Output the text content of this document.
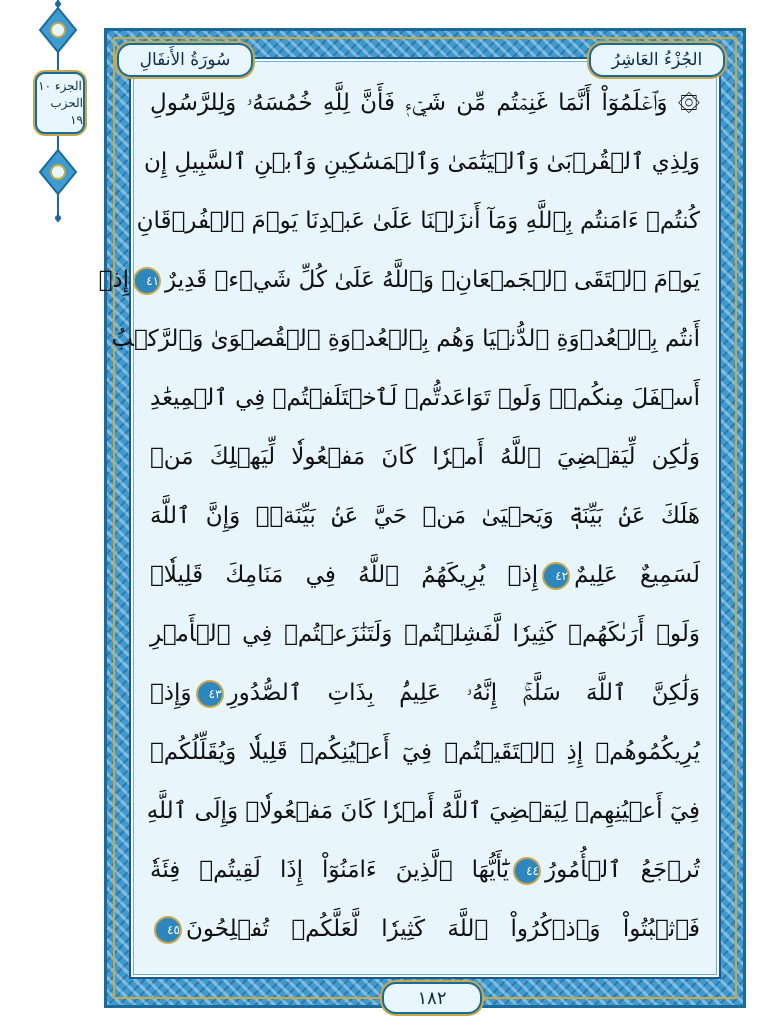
الجزء ١٠
الحزب ١٩
الجُزْءُ العَاشِرُ
سُورَةُ الأَنفَالِ
۞ وَٱعۡلَمُوٓاْ أَنَّمَا غَنِمۡتُم مِّن شَيۡءٖ فَأَنَّ لِلَّهِ خُمُسَهُۥ وَلِلرَّسُولِ
وَلِذِي ٱلۡقُرۡبَىٰ وَٱلۡيَتَٰمَىٰ وَٱلۡمَسَٰكِينِ وَٱبۡنِ ٱلسَّبِيلِ إِن
كُنتُمۡ ءَامَنتُم بِٱللَّهِ وَمَآ أَنزَلۡنَا عَلَىٰ عَبۡدِنَا يَوۡمَ ٱلۡفُرۡقَانِ
يَوۡمَ ٱلۡتَقَى ٱلۡجَمۡعَانِۗ وَٱللَّهُ عَلَىٰ كُلِّ شَيۡءٖ قَدِيرٌ٤١إِذۡ
أَنتُم بِٱلۡعُدۡوَةِ ٱلدُّنۡيَا وَهُم بِٱلۡعُدۡوَةِ ٱلۡقُصۡوَىٰ وَٱلرَّكۡبُ
أَسۡفَلَ مِنكُمۡۚ وَلَوۡ تَوَاعَدتُّمۡ لَٱخۡتَلَفۡتُمۡ فِي ٱلۡمِيعَٰدِ
وَلَٰكِن لِّيَقۡضِيَ ٱللَّهُ أَمۡرٗا كَانَ مَفۡعُولٗا لِّيَهۡلِكَ مَنۡ
هَلَكَ عَنۢ بَيِّنَةٖ وَيَحۡيَىٰ مَنۡ حَيَّ عَنۢ بَيِّنَةٖۗ وَإِنَّ ٱللَّهَ
لَسَمِيعٌ عَلِيمٌ٤٢إِذۡ يُرِيكَهُمُ ٱللَّهُ فِي مَنَامِكَ قَلِيلٗاۖ
وَلَوۡ أَرَىٰكَهُمۡ كَثِيرٗا لَّفَشِلۡتُمۡ وَلَتَنَٰزَعۡتُمۡ فِي ٱلۡأَمۡرِ
وَلَٰكِنَّ ٱللَّهَ سَلَّمَۚ إِنَّهُۥ عَلِيمُۢ بِذَاتِ ٱلصُّدُورِ٤٣وَإِذۡ
يُرِيكُمُوهُمۡ إِذِ ٱلۡتَقَيۡتُمۡ فِيٓ أَعۡيُنِكُمۡ قَلِيلٗا وَيُقَلِّلُكُمۡ
فِيٓ أَعۡيُنِهِمۡ لِيَقۡضِيَ ٱللَّهُ أَمۡرٗا كَانَ مَفۡعُولٗاۗ وَإِلَى ٱللَّهِ
تُرۡجَعُ ٱلۡأُمُورُ٤٤يَٰٓأَيُّهَا ٱلَّذِينَ ءَامَنُوٓاْ إِذَا لَقِيتُمۡ فِئَةٗ
فَٱثۡبُتُواْ وَٱذۡكُرُواْ ٱللَّهَ كَثِيرٗا لَّعَلَّكُمۡ تُفۡلِحُونَ٤٥
١٨٢
